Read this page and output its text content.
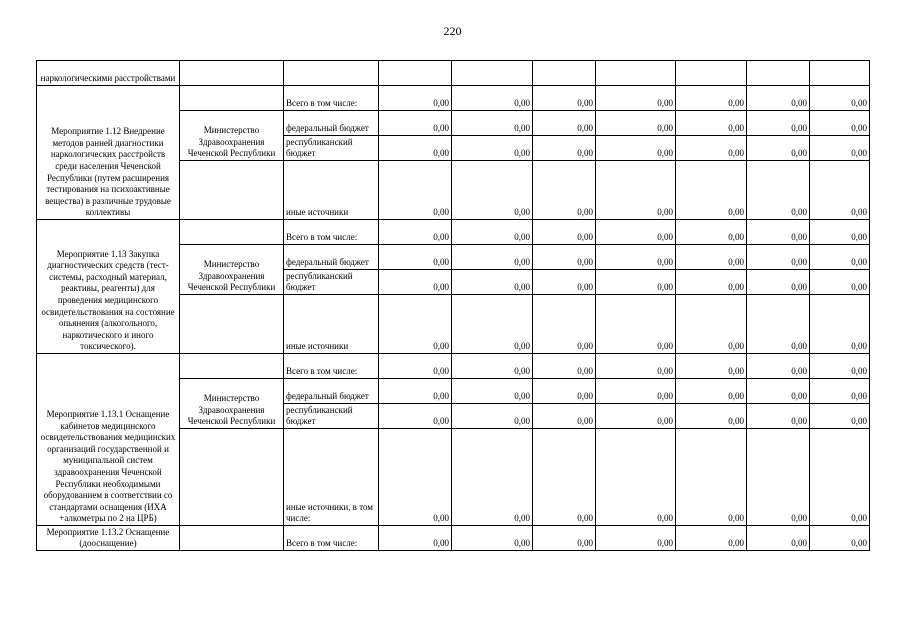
220
наркологическими расстройствами									
Мероприятие 1.12 Внедрение методов ранней диагностики наркологических расстройств среди населения Чеченской Республики (путем расширения тестирования на психоактивные вещества) в различные трудовые коллективы		Всего в том числе:	0,00	0,00	0,00	0,00	0,00	0,00	0,00
	Министерство Здравоохранения Чеченской Республики	федеральный бюджет	0,00	0,00	0,00	0,00	0,00	0,00	0,00
		республиканский бюджет	0,00	0,00	0,00	0,00	0,00	0,00	0,00
		иные источники	0,00	0,00	0,00	0,00	0,00	0,00	0,00
Мероприятие 1.13 Закупка диагностических средств (тест-системы, расходный материал, реактивы, реагенты) для проведения медицинского освидетельствования на состояние опьянения (алкогольного, наркотического и иного токсического).		Всего в том числе:	0,00	0,00	0,00	0,00	0,00	0,00	0,00
	Министерство Здравоохранения Чеченской Республики	федеральный бюджет	0,00	0,00	0,00	0,00	0,00	0,00	0,00
		республиканский бюджет	0,00	0,00	0,00	0,00	0,00	0,00	0,00
		иные источники	0,00	0,00	0,00	0,00	0,00	0,00	0,00
Мероприятие 1.13.1 Оснащение кабинетов медицинского освидетельствования медицинских организаций государственной и муниципальной систем здравоохранения Чеченской Республики необходимыми оборудованием в соответствии со стандартами оснащения (ИХА +алкометры по 2 на ЦРБ)		Всего в том числе:	0,00	0,00	0,00	0,00	0,00	0,00	0,00
	Министерство Здравоохранения Чеченской Республики	федеральный бюджет	0,00	0,00	0,00	0,00	0,00	0,00	0,00
		республиканский бюджет	0,00	0,00	0,00	0,00	0,00	0,00	0,00
		иные источники, в том числе:	0,00	0,00	0,00	0,00	0,00	0,00	0,00
Мероприятие 1.13.2 Оснащение (дооснащение)		Всего в том числе:	0,00	0,00	0,00	0,00	0,00	0,00	0,00
